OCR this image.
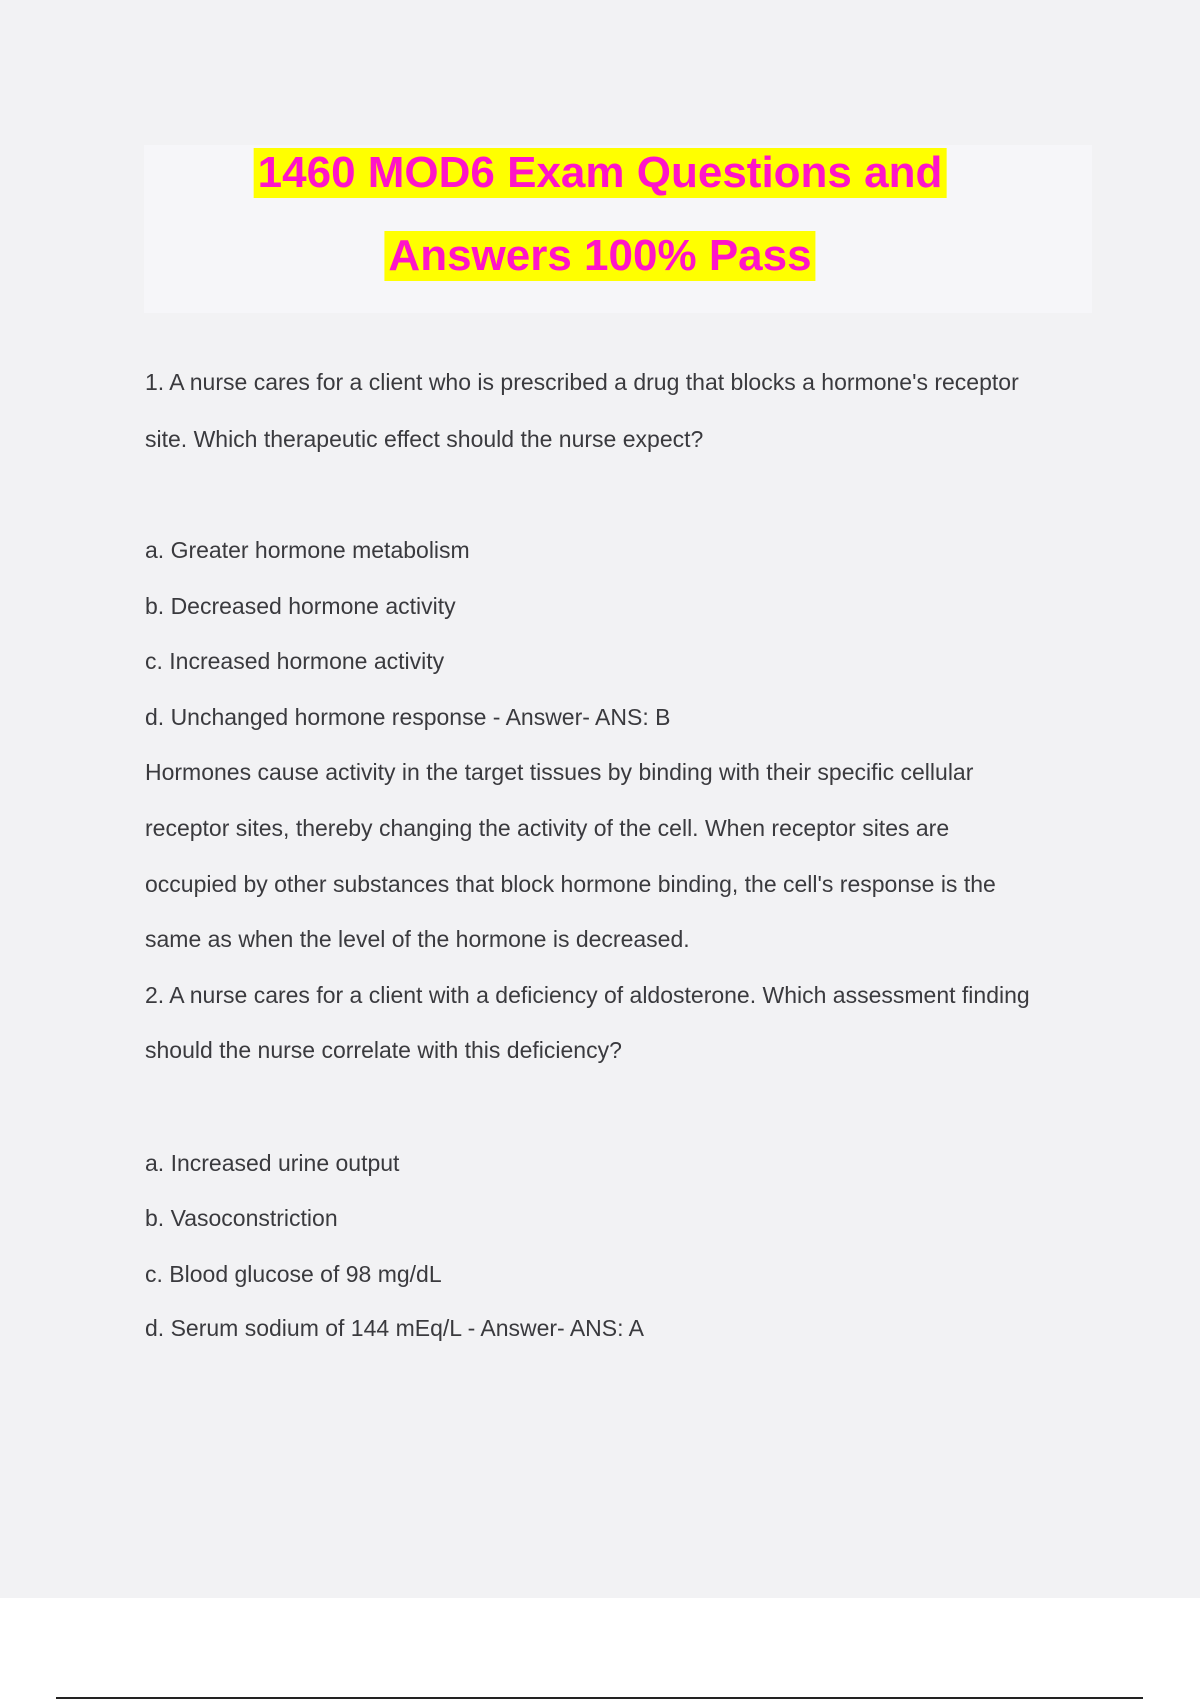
1460 MOD6 Exam Questions and
Answers 100% Pass
1. A nurse cares for a client who is prescribed a drug that blocks a hormone's receptor
site. Which therapeutic effect should the nurse expect?
a. Greater hormone metabolism
b. Decreased hormone activity
c. Increased hormone activity
d. Unchanged hormone response - Answer- ANS: B
Hormones cause activity in the target tissues by binding with their specific cellular
receptor sites, thereby changing the activity of the cell. When receptor sites are
occupied by other substances that block hormone binding, the cell's response is the
same as when the level of the hormone is decreased.
2. A nurse cares for a client with a deficiency of aldosterone. Which assessment finding
should the nurse correlate with this deficiency?
a. Increased urine output
b. Vasoconstriction
c. Blood glucose of 98 mg/dL
d. Serum sodium of 144 mEq/L - Answer- ANS: A
